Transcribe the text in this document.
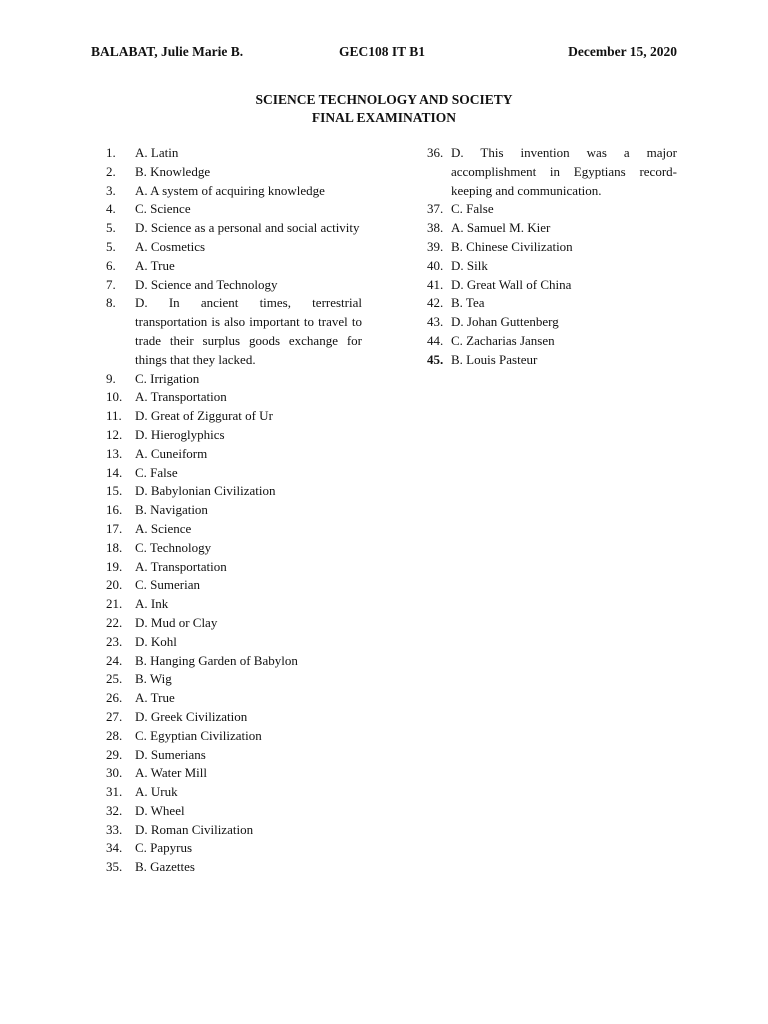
BALABAT, Julie Marie B.	GEC108 IT B1	December 15, 2020
SCIENCE TECHNOLOGY AND SOCIETY
FINAL EXAMINATION
1.	A. Latin
2.	B. Knowledge
3.	A. A system of acquiring knowledge
4.	C. Science
5.	D. Science as a personal and social activity
5.	A. Cosmetics
6.	A. True
7.	D. Science and Technology
8.	D. In ancient times, terrestrial transportation is also important to travel to trade their surplus goods exchange for things that they lacked.
9.	C. Irrigation
10. A. Transportation
11.	D. Great of Ziggurat of Ur
12. D. Hieroglyphics
13. A. Cuneiform
14. C. False
15. D. Babylonian Civilization
16. B. Navigation
17. A. Science
18. C. Technology
19. A. Transportation
20. C. Sumerian
21. A. Ink
22. D. Mud or Clay
23. D. Kohl
24. B. Hanging Garden of Babylon
25. B. Wig
26. A. True
27. D. Greek Civilization
28. C. Egyptian Civilization
29. D. Sumerians
30. A. Water Mill
31. A. Uruk
32. D. Wheel
33. D. Roman Civilization
34. C. Papyrus
35. B. Gazettes
36. D. This invention was a major accomplishment in Egyptians record-keeping and communication.
37. C. False
38. A. Samuel M. Kier
39. B. Chinese Civilization
40. D. Silk
41. D. Great Wall of China
42. B. Tea
43. D. Johan Guttenberg
44. C. Zacharias Jansen
45. B. Louis Pasteur
